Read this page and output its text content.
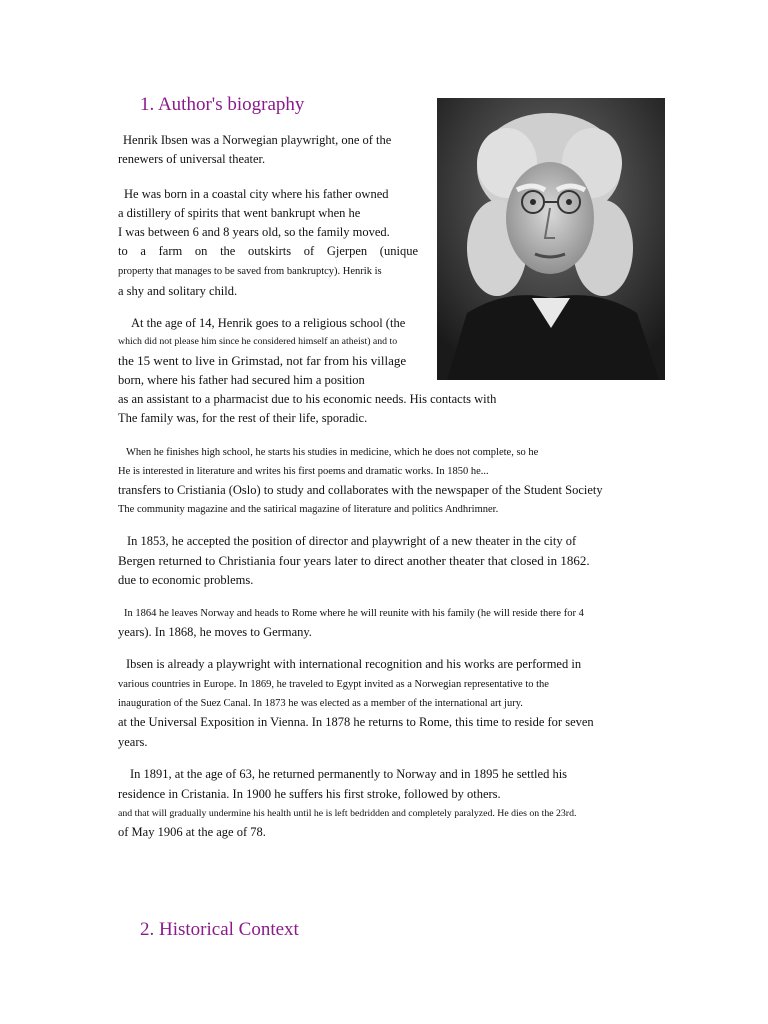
1. Author's biography
Henrik Ibsen was a Norwegian playwright, one of the
renewers of universal theater.
He was born in a coastal city where his father owned
a distillery of spirits that went bankrupt when he
I was between 6 and 8 years old, so the family moved.
to a farm on the outskirts of Gjerpen (unique
property that manages to be saved from bankruptcy). Henrik is
a shy and solitary child.
At the age of 14, Henrik goes to a religious school (the
which did not please him since he considered himself an atheist) and to
the 15 went to live in Grimstad, not far from his village
born, where his father had secured him a position
as an assistant to a pharmacist due to his economic needs. His contacts with
The family was, for the rest of their life, sporadic.
When he finishes high school, he starts his studies in medicine, which he does not complete, so he
He is interested in literature and writes his first poems and dramatic works. In 1850 he...
transfers to Cristiania (Oslo) to study and collaborates with the newspaper of the Student Society
The community magazine and the satirical magazine of literature and politics Andhrimner.
In 1853, he accepted the position of director and playwright of a new theater in the city of
Bergen returned to Christiania four years later to direct another theater that closed in 1862.
due to economic problems.
In 1864 he leaves Norway and heads to Rome where he will reunite with his family (he will reside there for 4
years). In 1868, he moves to Germany.
Ibsen is already a playwright with international recognition and his works are performed in
various countries in Europe. In 1869, he traveled to Egypt invited as a Norwegian representative to the
inauguration of the Suez Canal. In 1873 he was elected as a member of the international art jury.
at the Universal Exposition in Vienna. In 1878 he returns to Rome, this time to reside for seven
years.
In 1891, at the age of 63, he returned permanently to Norway and in 1895 he settled his
residence in Cristania. In 1900 he suffers his first stroke, followed by others.
and that will gradually undermine his health until he is left bedridden and completely paralyzed. He dies on the 23rd.
of May 1906 at the age of 78.
2. Historical Context
